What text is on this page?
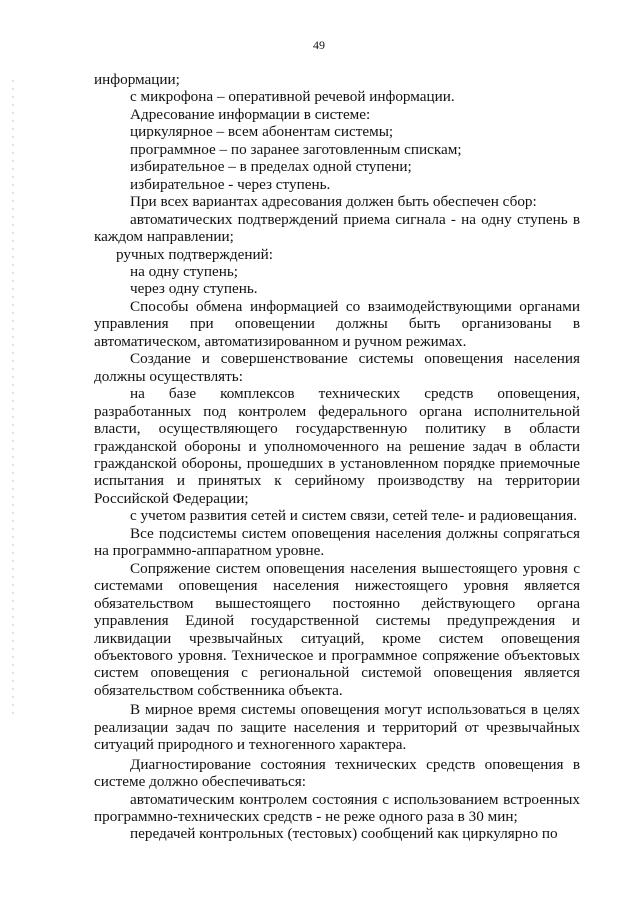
49

информации;

с микрофона – оперативной речевой информации.

Адресование информации в системе:

циркулярное – всем абонентам системы;

программное – по заранее заготовленным спискам;

избирательное – в пределах одной ступени;

избирательное - через ступень.

При всех вариантах адресования должен быть обеспечен сбор:

автоматических подтверждений приема сигнала - на одну ступень в каждом направлении;

ручных подтверждений:

на одну ступень;

через одну ступень.

Способы обмена информацией со взаимодействующими органами управления при оповещении должны быть организованы в автоматическом, автоматизированном и ручном режимах.

Создание и совершенствование системы оповещения населения должны осуществлять:

на базе комплексов технических средств оповещения, разработанных под контролем федерального органа исполнительной власти, осуществляющего государственную политику в области гражданской обороны и уполномоченного на решение задач в области гражданской обороны, прошедших в установленном порядке приемочные испытания и принятых к серийному производству на территории Российской Федерации;

с учетом развития сетей и систем связи, сетей теле- и радиовещания.

Все подсистемы систем оповещения населения должны сопрягаться на программно-аппаратном уровне.

Сопряжение систем оповещения населения вышестоящего уровня с системами оповещения населения нижестоящего уровня является обязательством вышестоящего постоянно действующего органа управления Единой государственной системы предупреждения и ликвидации чрезвычайных ситуаций, кроме систем оповещения объектового уровня. Техническое и программное сопряжение объектовых систем оповещения с региональной системой оповещения является обязательством собственника объекта.

В мирное время системы оповещения могут использоваться в целях реализации задач по защите населения и территорий от чрезвычайных ситуаций природного и техногенного характера.

Диагностирование состояния технических средств оповещения в системе должно обеспечиваться:

автоматическим контролем состояния с использованием встроенных программно-технических средств - не реже одного раза в 30 мин;

передачей контрольных (тестовых) сообщений как циркулярно по
